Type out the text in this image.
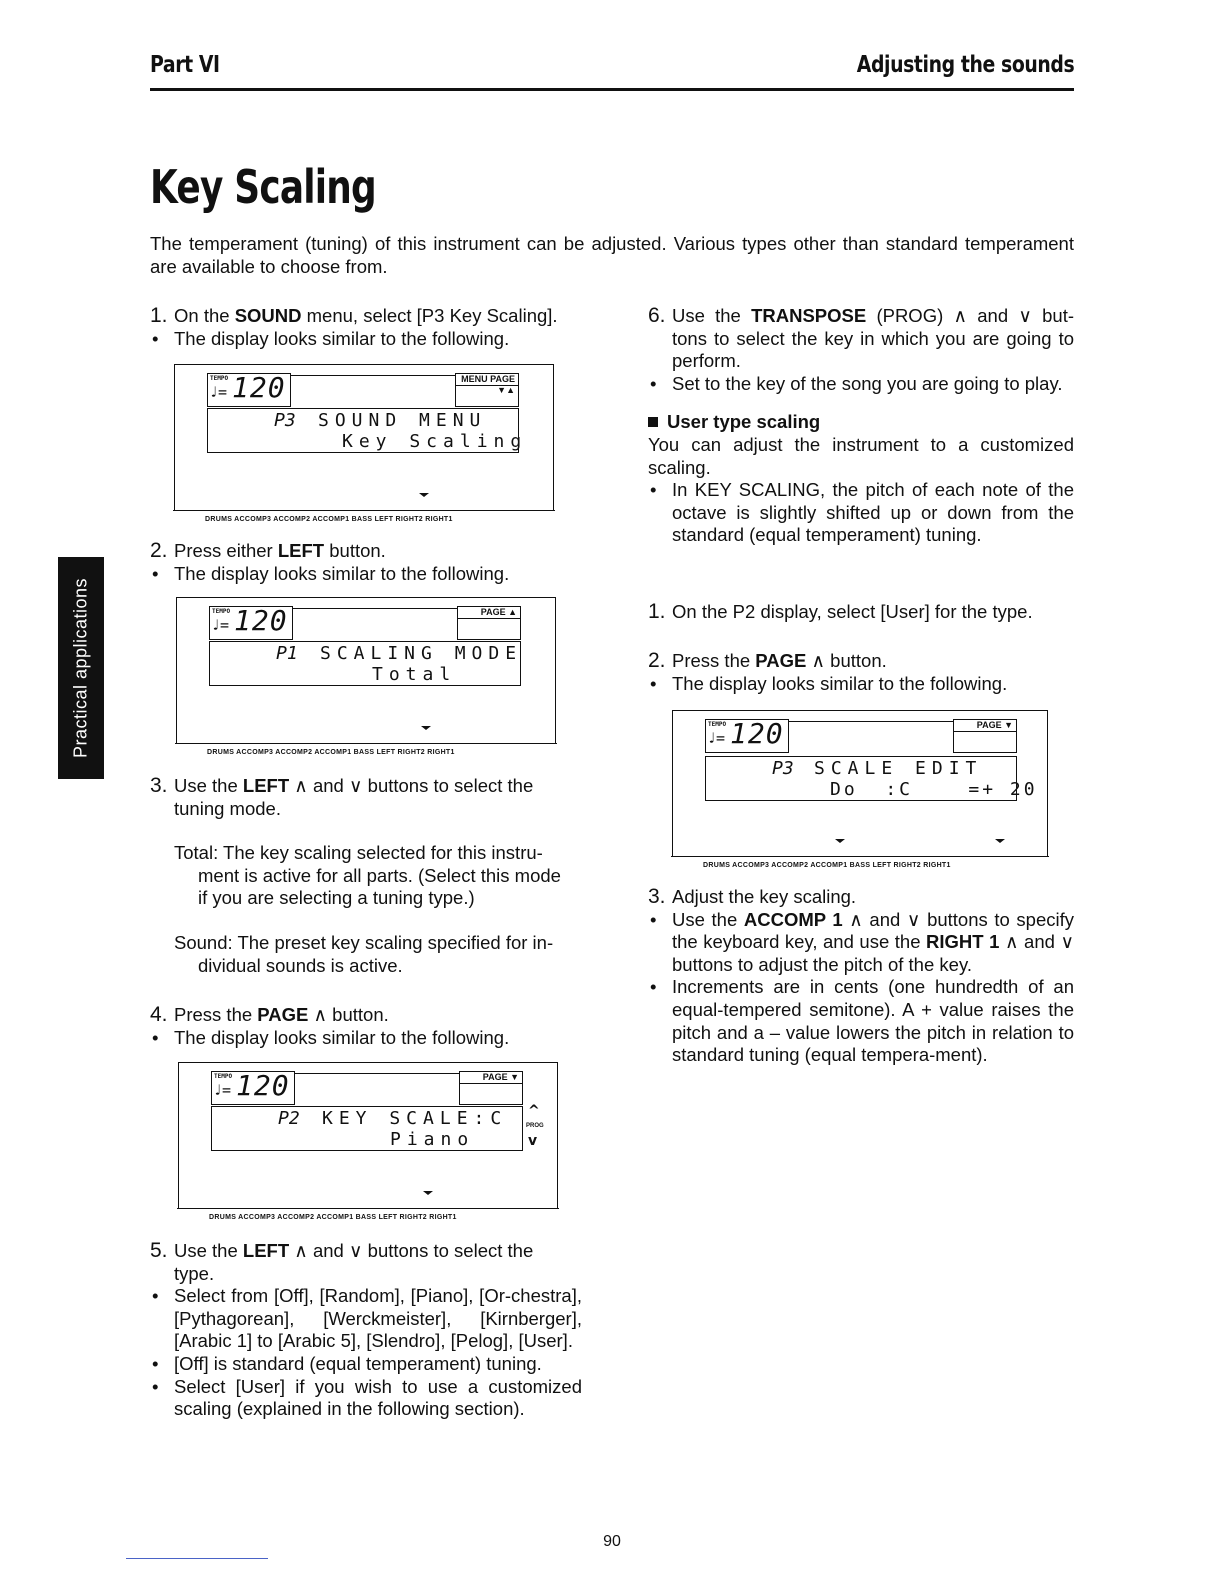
Part VI	Adjusting the sounds
Key Scaling
The temperament (tuning) of this instrument can be adjusted. Various types other than standard temperament are available to choose from.
Practical applications
1. On the SOUND menu, select [P3 Key Scaling].
• The display looks similar to the following.
2. Press either LEFT button.
• The display looks similar to the following.
3. Use the LEFT ∧ and ∨ buttons to select the

tuning mode.

Total: The key scaling selected for this instru-

ment is active for all parts. (Select this mode

if you are selecting a tuning type.)

Sound: The preset key scaling specified for in-

dividual sounds is active.

4. Press the PAGE ∧ button.
• The display looks similar to the following.
5. Use the LEFT ∧ and ∨ buttons to select the

type.

• Select from [Off], [Random], [Piano], [Or-chestra], [Pythagorean], [Werckmeister], [Kirnberger], [Arabic 1] to [Arabic 5], [Slendro], [Pelog], [User].
• [Off] is standard (equal temperament) tuning.
• Select [User] if you wish to use a customized scaling (explained in the following section).
6. Use the TRANSPOSE (PROG) ∧ and ∨ but- tons to select the key in which you are going to perform.
• Set to the key of the song you are going to play.

User type scaling

You can adjust the instrument to a customized scaling.

• In KEY SCALING, the pitch of each note of the octave is slightly shifted up or down from the standard (equal temperament) tuning.
1. On the P2 display, select [User] for the type.
2. Press the PAGE ∧ button.
• The display looks similar to the following.
3. Adjust the key scaling.
• Use the ACCOMP 1 ∧ and ∨ buttons to specify the keyboard key, and use the RIGHT 1 ∧ and ∨ buttons to adjust the pitch of the key.
• Increments are in cents (one hundredth of an equal-tempered semitone). A + value raises the pitch and a – value lowers the pitch in relation to standard tuning (equal tempera-ment).
TEMPO
♩= 120	MENU PAGE ▼▲
P3 SOUND MENU
Key Scaling
DRUMS ACCOMP3 ACCOMP2 ACCOMP1 BASS LEFT RIGHT2 RIGHT1
TEMPO
♩= 120	PAGE ▲
P1 SCALING MODE
Total
DRUMS ACCOMP3 ACCOMP2 ACCOMP1 BASS LEFT RIGHT2 RIGHT1
TEMPO
♩= 120	PAGE ▼
P2 KEY SCALE:C
Piano
^
PROG
v
DRUMS ACCOMP3 ACCOMP2 ACCOMP1 BASS LEFT RIGHT2 RIGHT1
TEMPO
♩= 120	PAGE ▼
P3 SCALE EDIT
Do  :C    =+ 20
DRUMS ACCOMP3 ACCOMP2 ACCOMP1 BASS LEFT RIGHT2 RIGHT1
90
